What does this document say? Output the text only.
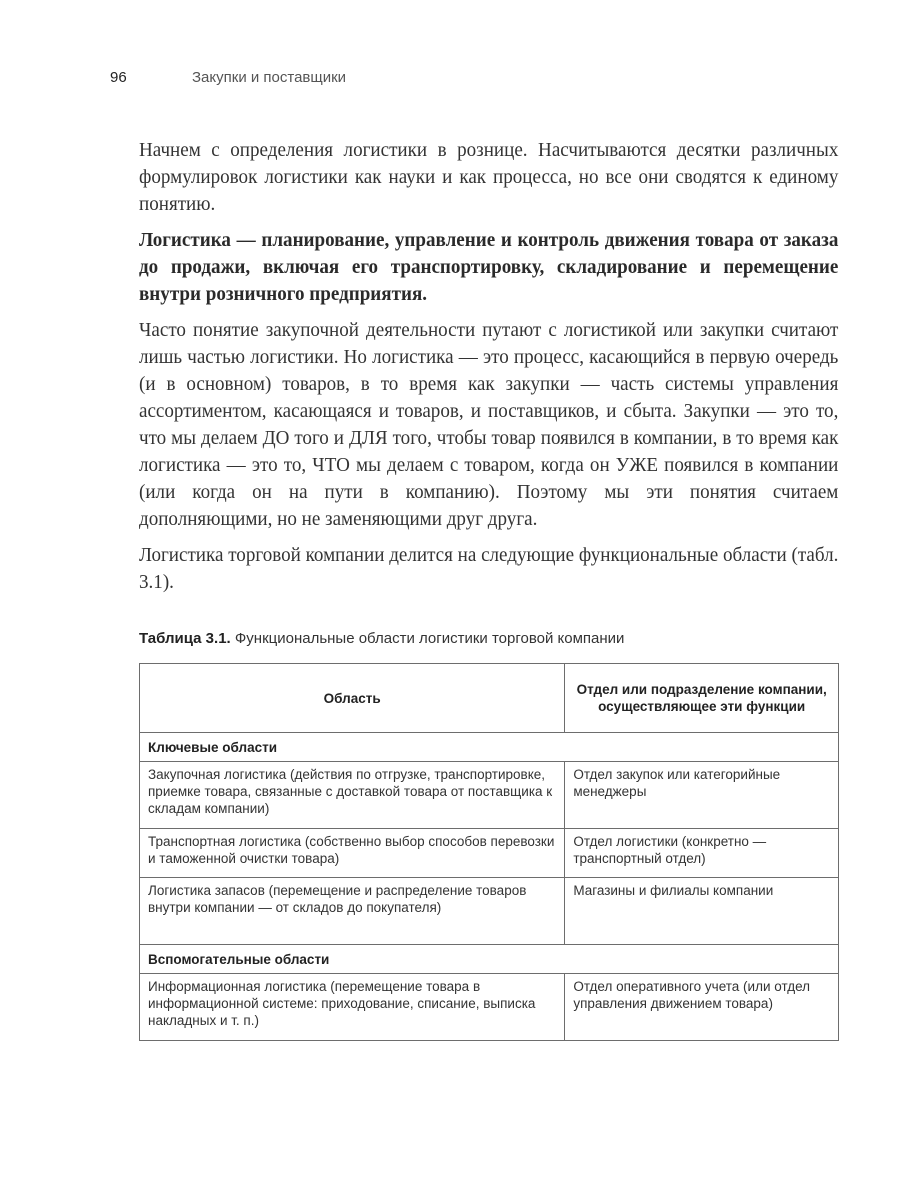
96	Закупки и поставщики

Начнем с определения логистики в рознице. Насчитываются десятки различных формулировок логистики как науки и как процесса, но все они сводятся к единому понятию.

Логистика — планирование, управление и контроль движения товара от заказа до продажи, включая его транспортировку, складирование и перемещение внутри розничного предприятия.

Часто понятие закупочной деятельности путают с логистикой или закупки считают лишь частью логистики. Но логистика — это процесс, касающийся в первую очередь (и в основном) товаров, в то время как закупки — часть системы управления ассортиментом, касающаяся и товаров, и поставщиков, и сбыта. Закупки — это то, что мы делаем ДО того и ДЛЯ того, чтобы товар появился в компании, в то время как логистика — это то, ЧТО мы делаем с товаром, когда он УЖЕ появился в компании (или когда он на пути в компанию). Поэтому мы эти понятия считаем дополняющими, но не заменяющими друг друга.

Логистика торговой компании делится на следующие функциональные области (табл. 3.1).

Таблица 3.1. Функциональные области логистики торговой компании
Область	Отдел или подразделение компании, осуществляющее эти функции
Ключевые области	
Закупочная логистика (действия по отгрузке, транспортировке, приемке товара, связанные с доставкой товара от поставщика к складам компании)	Отдел закупок или категорийные менеджеры
Транспортная логистика (собственно выбор способов перевозки и таможенной очистки товара)	Отдел логистики (конкретно — транспортный отдел)
Логистика запасов (перемещение и распределение товаров внутри компании — от складов до покупателя)	Магазины и филиалы компании
Вспомогательные области	
Информационная логистика (перемещение товара в информационной системе: приходование, списание, выписка накладных и т. п.)	Отдел оперативного учета (или отдел управления движением товара)
